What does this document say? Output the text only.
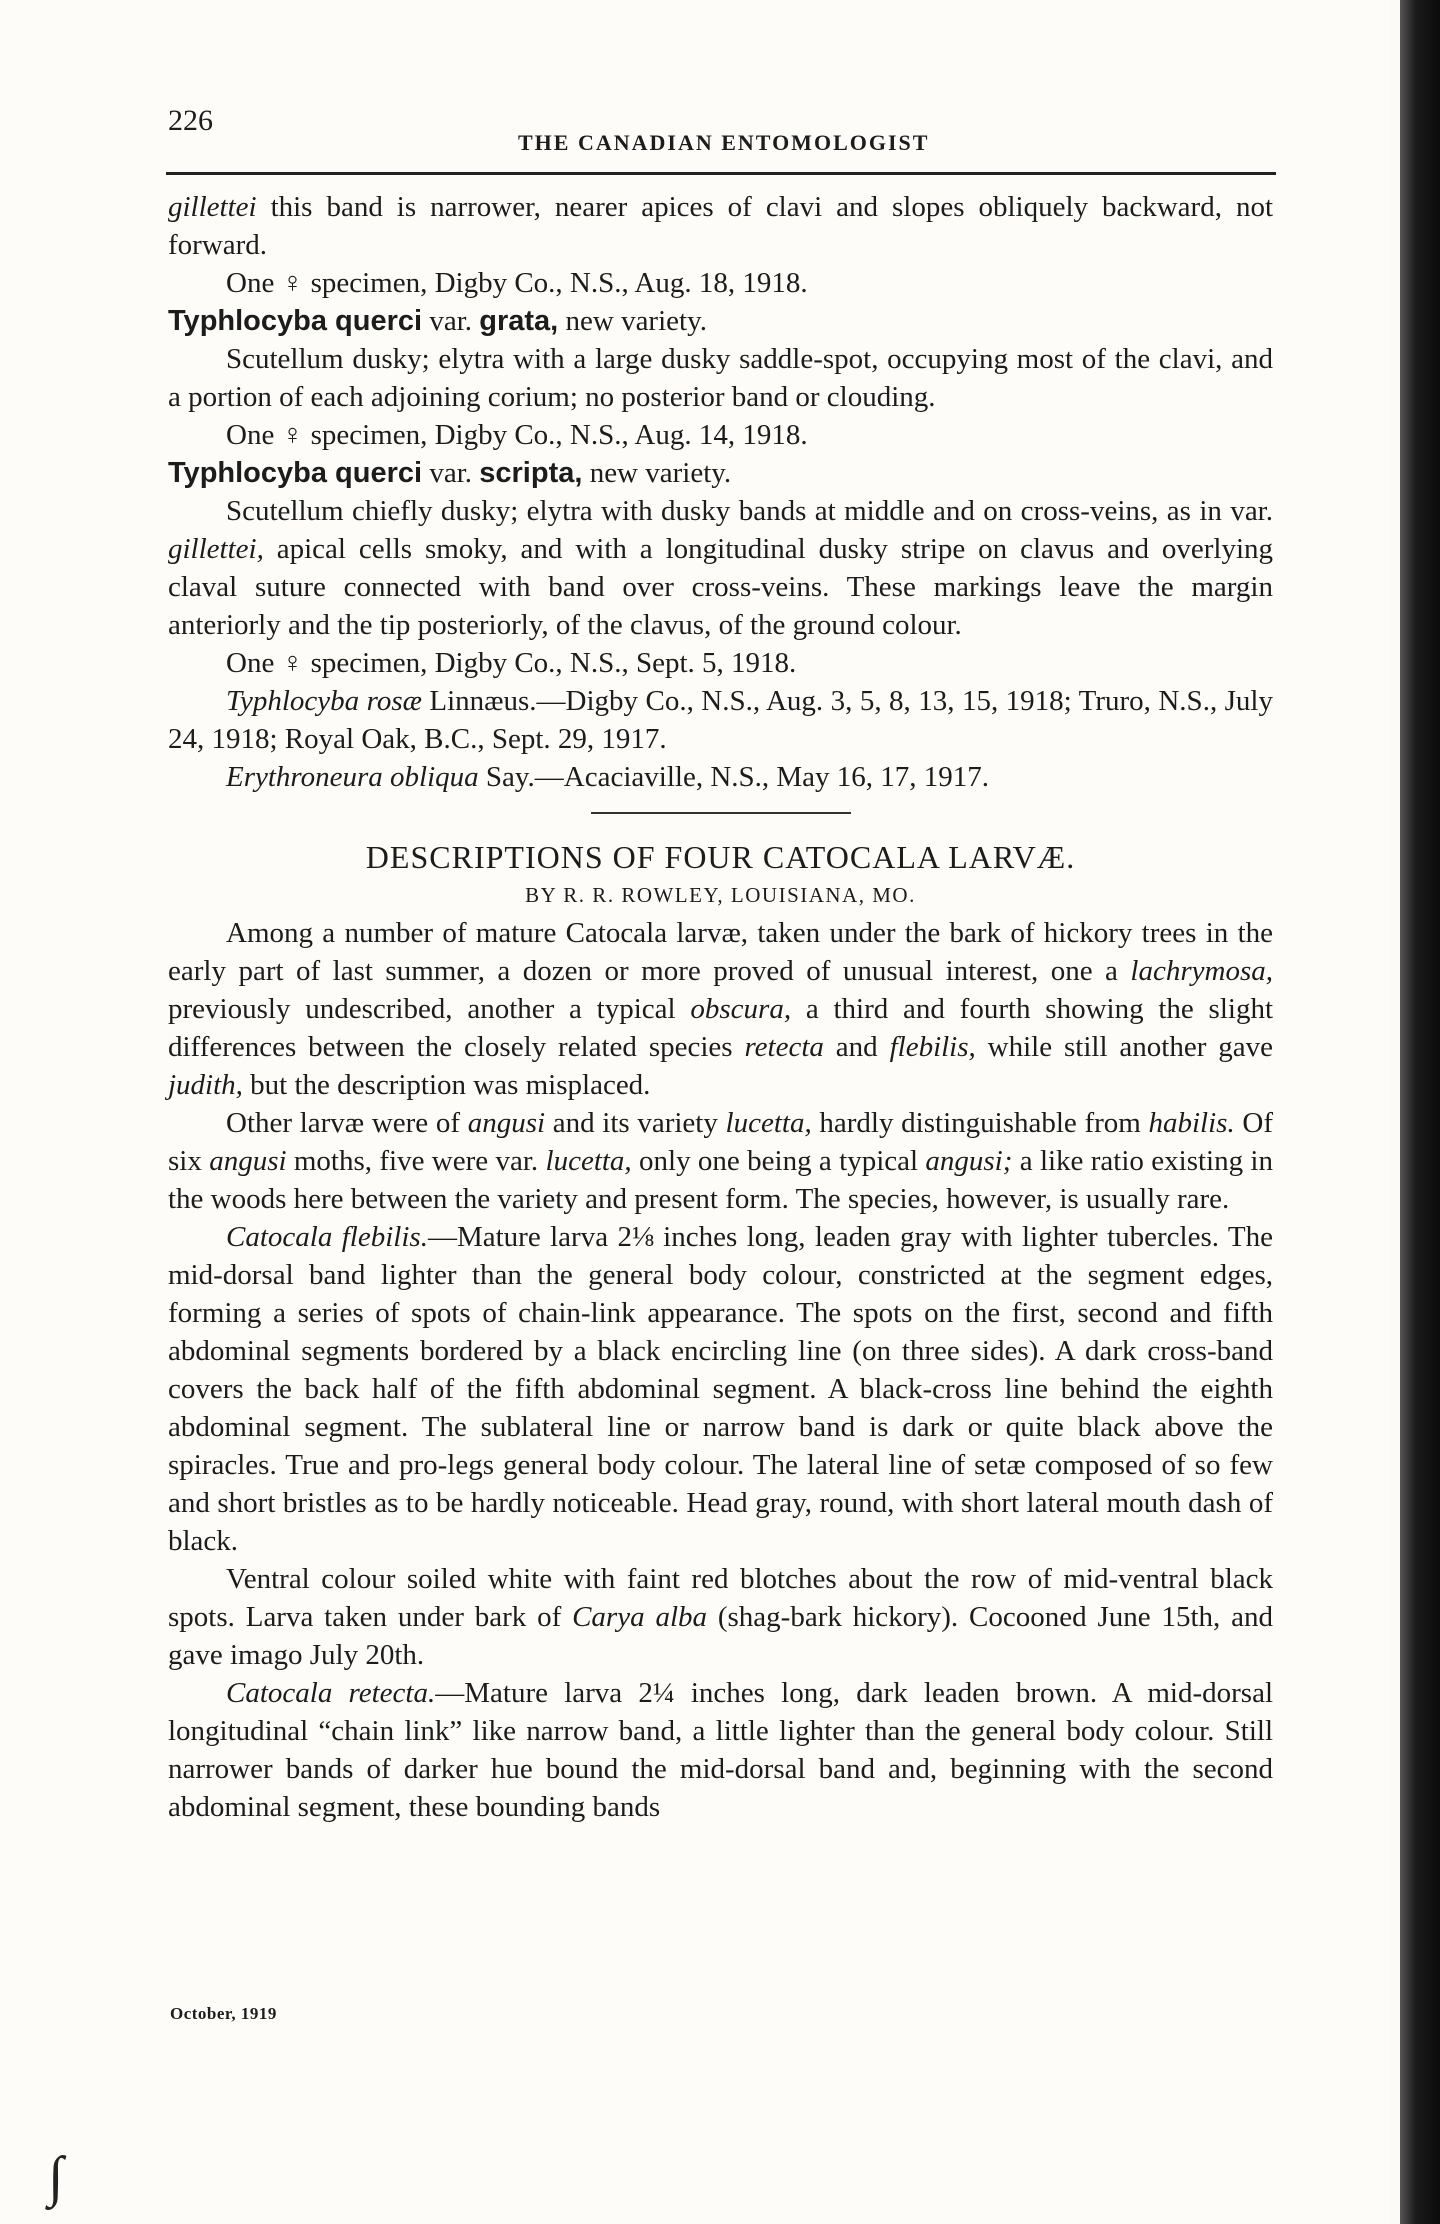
226
THE CANADIAN ENTOMOLOGIST

gillettei this band is narrower, nearer apices of clavi and slopes obliquely backward, not forward.

One ♀ specimen, Digby Co., N.S., Aug. 18, 1918.

Typhlocyba querci var. grata, new variety.

Scutellum dusky; elytra with a large dusky saddle-spot, occupying most of the clavi, and a portion of each adjoining corium; no posterior band or clouding.

One ♀ specimen, Digby Co., N.S., Aug. 14, 1918.

Typhlocyba querci var. scripta, new variety.

Scutellum chiefly dusky; elytra with dusky bands at middle and on cross-veins, as in var. gillettei, apical cells smoky, and with a longitudinal dusky stripe on clavus and overlying claval suture connected with band over cross-veins. These markings leave the margin anteriorly and the tip posteriorly, of the clavus, of the ground colour.

One ♀ specimen, Digby Co., N.S., Sept. 5, 1918.

Typhlocyba rosæ Linnæus.—Digby Co., N.S., Aug. 3, 5, 8, 13, 15, 1918; Truro, N.S., July 24, 1918; Royal Oak, B.C., Sept. 29, 1917.

Erythroneura obliqua Say.—Acaciaville, N.S., May 16, 17, 1917.

DESCRIPTIONS OF FOUR CATOCALA LARVÆ.

BY R. R. ROWLEY, LOUISIANA, MO.

Among a number of mature Catocala larvæ, taken under the bark of hickory trees in the early part of last summer, a dozen or more proved of unusual interest, one a lachrymosa, previously undescribed, another a typical obscura, a third and fourth showing the slight differences between the closely related species retecta and flebilis, while still another gave judith, but the description was misplaced.

Other larvæ were of angusi and its variety lucetta, hardly distinguishable from habilis. Of six angusi moths, five were var. lucetta, only one being a typical angusi; a like ratio existing in the woods here between the variety and present form. The species, however, is usually rare.

Catocala flebilis.—Mature larva 2⅛ inches long, leaden gray with lighter tubercles. The mid-dorsal band lighter than the general body colour, constricted at the segment edges, forming a series of spots of chain-link appearance. The spots on the first, second and fifth abdominal segments bordered by a black encircling line (on three sides). A dark cross-band covers the back half of the fifth abdominal segment. A black-cross line behind the eighth abdominal segment. The sublateral line or narrow band is dark or quite black above the spiracles. True and pro-legs general body colour. The lateral line of setæ composed of so few and short bristles as to be hardly noticeable. Head gray, round, with short lateral mouth dash of black.

Ventral colour soiled white with faint red blotches about the row of mid-ventral black spots. Larva taken under bark of Carya alba (shag-bark hickory). Cocooned June 15th, and gave imago July 20th.

Catocala retecta.—Mature larva 2¼ inches long, dark leaden brown. A mid-dorsal longitudinal “chain link” like narrow band, a little lighter than the general body colour. Still narrower bands of darker hue bound the mid-dorsal band and, beginning with the second abdominal segment, these bounding bands

October, 1919
∫
